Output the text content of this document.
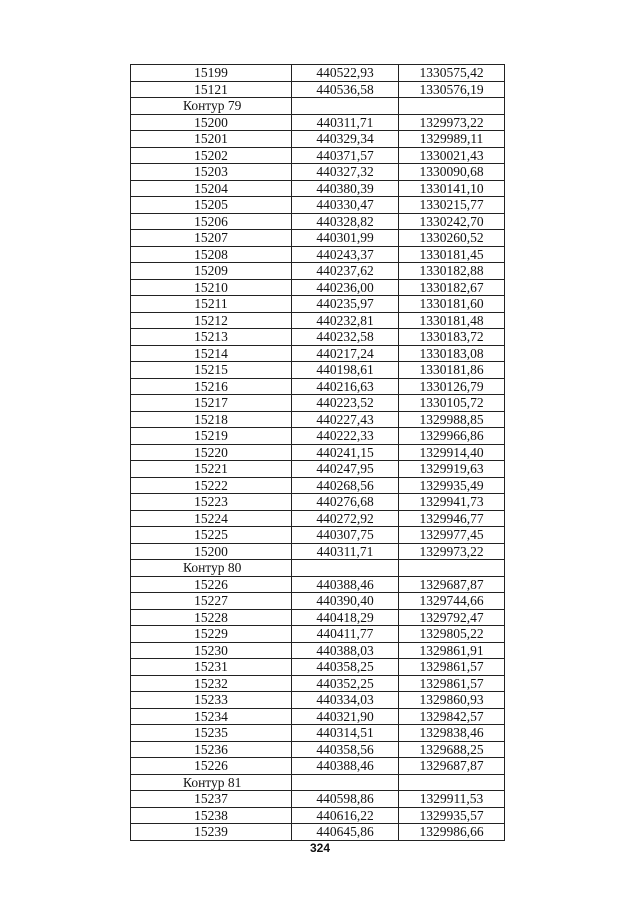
15199	440522,93	1330575,42
15121	440536,58	1330576,19
Контур 79		
15200	440311,71	1329973,22
15201	440329,34	1329989,11
15202	440371,57	1330021,43
15203	440327,32	1330090,68
15204	440380,39	1330141,10
15205	440330,47	1330215,77
15206	440328,82	1330242,70
15207	440301,99	1330260,52
15208	440243,37	1330181,45
15209	440237,62	1330182,88
15210	440236,00	1330182,67
15211	440235,97	1330181,60
15212	440232,81	1330181,48
15213	440232,58	1330183,72
15214	440217,24	1330183,08
15215	440198,61	1330181,86
15216	440216,63	1330126,79
15217	440223,52	1330105,72
15218	440227,43	1329988,85
15219	440222,33	1329966,86
15220	440241,15	1329914,40
15221	440247,95	1329919,63
15222	440268,56	1329935,49
15223	440276,68	1329941,73
15224	440272,92	1329946,77
15225	440307,75	1329977,45
15200	440311,71	1329973,22
Контур 80		
15226	440388,46	1329687,87
15227	440390,40	1329744,66
15228	440418,29	1329792,47
15229	440411,77	1329805,22
15230	440388,03	1329861,91
15231	440358,25	1329861,57
15232	440352,25	1329861,57
15233	440334,03	1329860,93
15234	440321,90	1329842,57
15235	440314,51	1329838,46
15236	440358,56	1329688,25
15226	440388,46	1329687,87
Контур 81		
15237	440598,86	1329911,53
15238	440616,22	1329935,57
15239	440645,86	1329986,66
324
